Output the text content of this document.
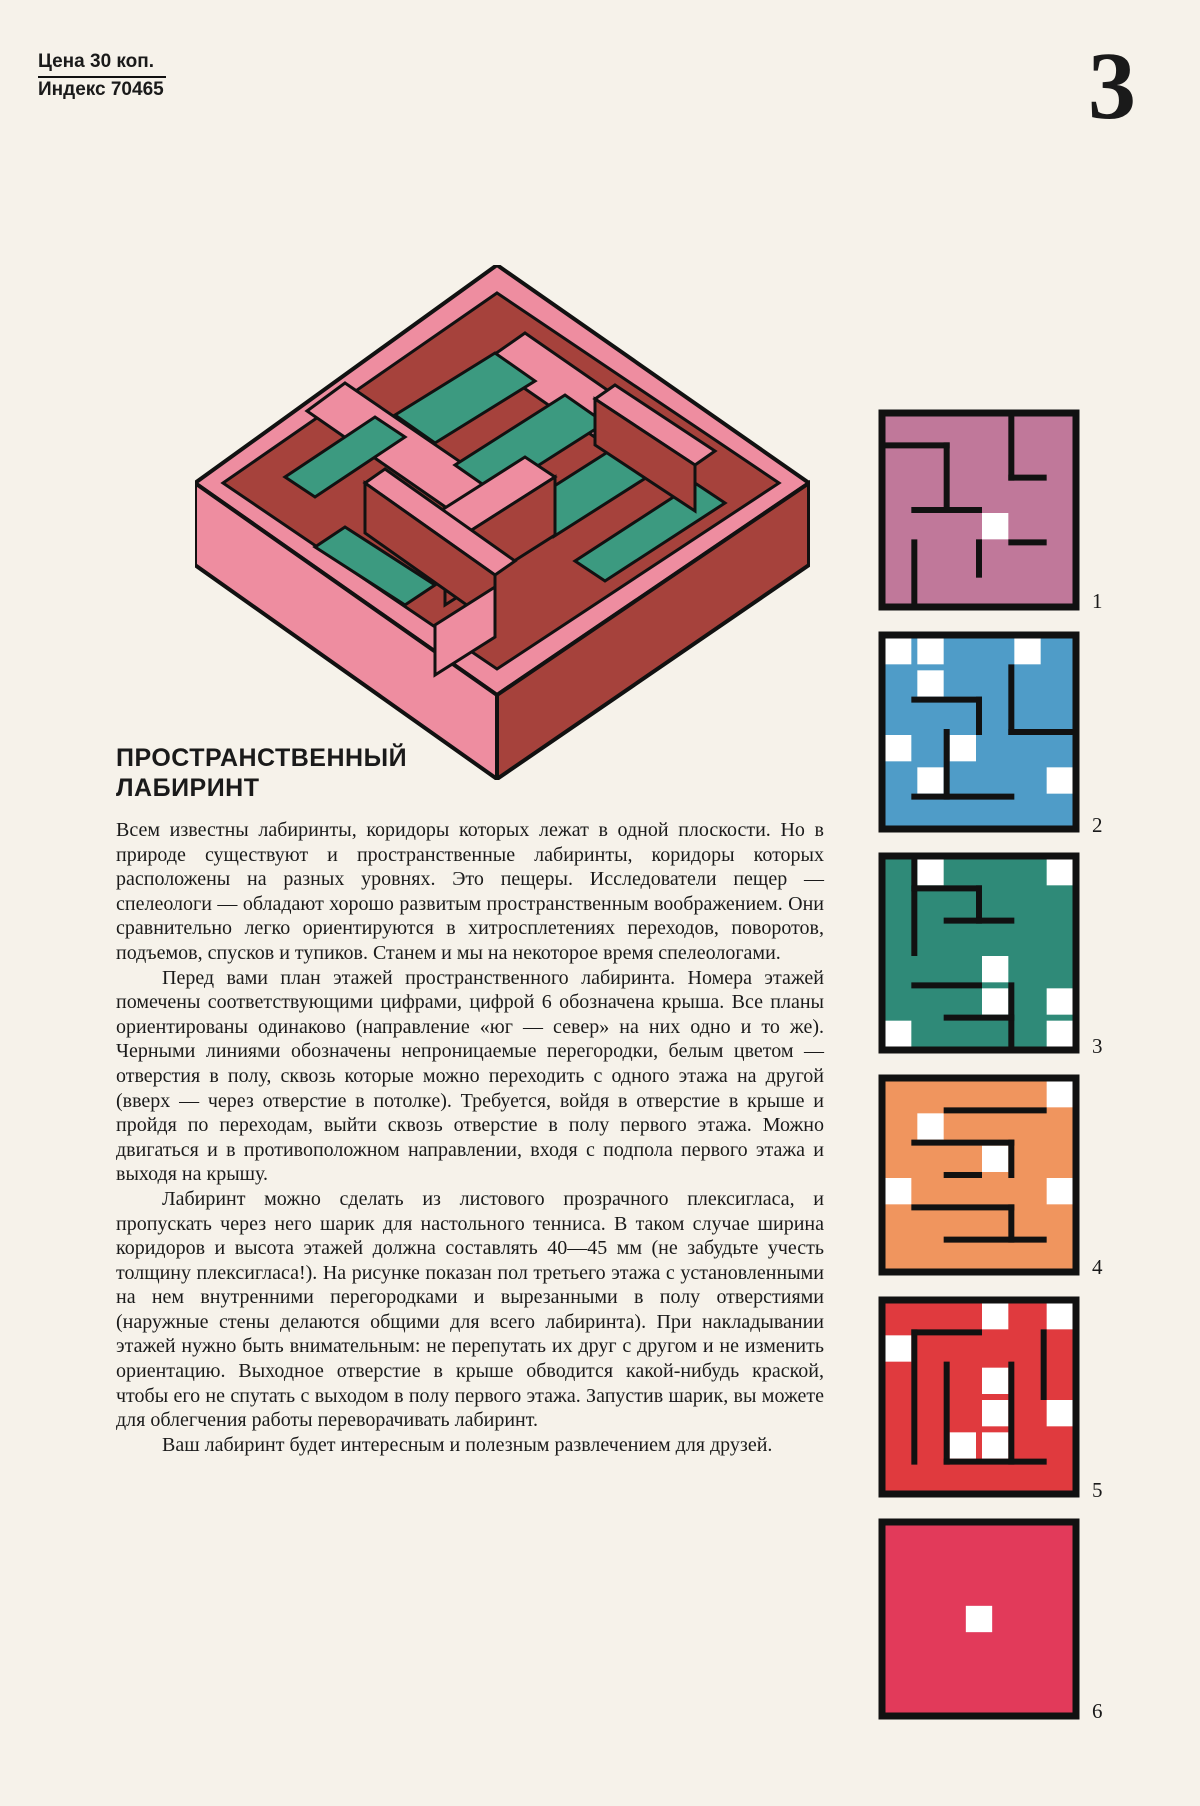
Цена 30 коп.
Индекс 70465	3
ПРОСТРАНСТВЕННЫЙ
ЛАБИРИНТ

Всем известны лабиринты, коридоры которых лежат в одной плоскости. Но в природе существуют и пространственные лабиринты, коридоры которых расположены на разных уровнях. Это пещеры. Исследователи пещер — спелеологи — обладают хорошо развитым пространственным воображением. Они сравнительно легко ориентируются в хитросплетениях переходов, поворотов, подъемов, спусков и тупиков. Станем и мы на некоторое время спелеологами.

Перед вами план этажей пространственного лабиринта. Номера этажей помечены соответствующими цифрами, цифрой 6 обозначена крыша. Все планы ориентированы одинаково (направление «юг — север» на них одно и то же). Черными линиями обозначены непроницаемые перегородки, белым цветом — отверстия в полу, сквозь которые можно переходить с одного этажа на другой (вверх — через отверстие в потолке). Требуется, войдя в отверстие в крыше и пройдя по переходам, выйти сквозь отверстие в полу первого этажа. Можно двигаться и в противоположном направлении, входя с подпола первого этажа и выходя на крышу.

Лабиринт можно сделать из листового прозрачного плексигласа, и пропускать через него шарик для настольного тенниса. В таком случае ширина коридоров и высота этажей должна составлять 40—45 мм (не забудьте учесть толщину плексигласа!). На рисунке показан пол третьего этажа с установленными на нем внутренними перегородками и вырезанными в полу отверстиями (наружные стены делаются общими для всего лабиринта). При накладывании этажей нужно быть внимательным: не перепутать их друг с другом и не изменить ориентацию. Выходное отверстие в крыше обводится какой-нибудь краской, чтобы его не спутать с выходом в полу первого этажа. Запустив шарик, вы можете для облегчения работы переворачивать лабиринт.

Ваш лабиринт будет интересным и полезным развлечением для друзей.

1
2
3
4
5
6
